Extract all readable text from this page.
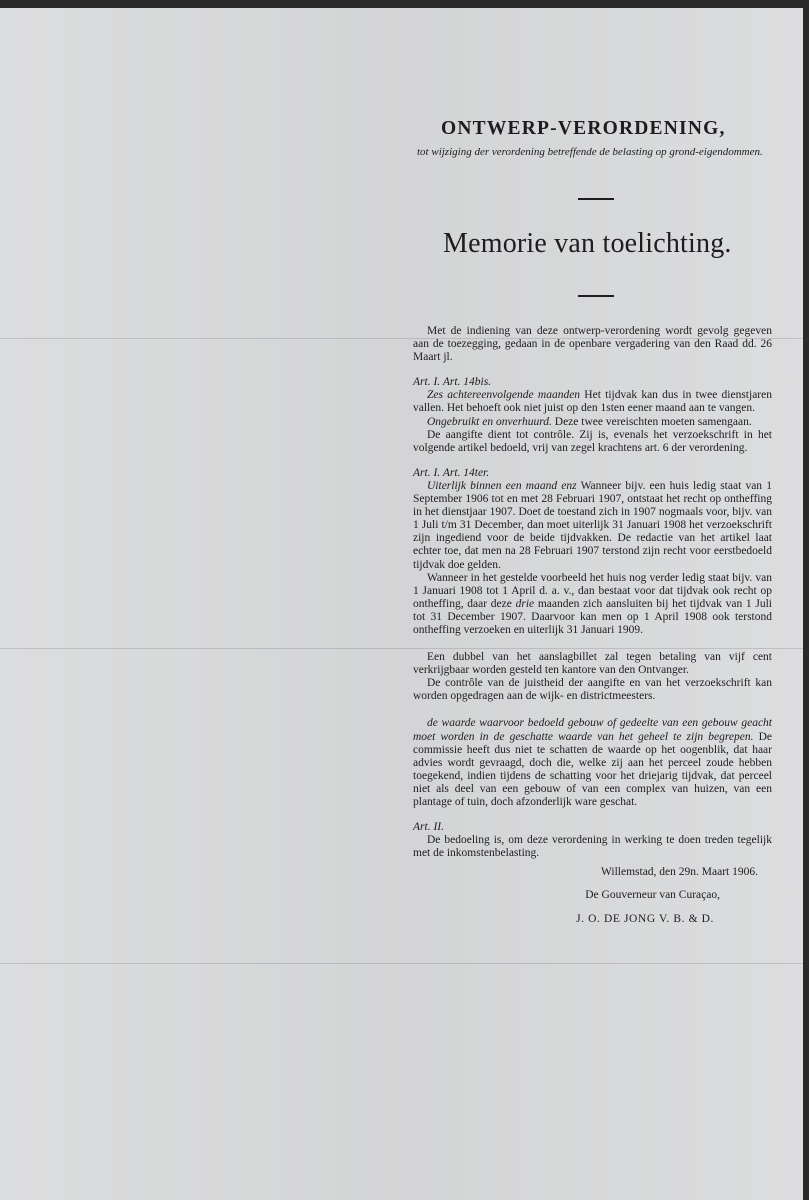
ONTWERP-VERORDENING,
tot wijziging der verordening betreffende de belasting op grond-eigendommen.
Memorie van toelichting.

Met de indiening van deze ontwerp-verordening wordt gevolg gegeven aan de toezegging, gedaan in de openbare vergadering van den Raad dd. 26 Maart jl.

Art. I. Art. 14bis.

Zes achtereenvolgende maanden Het tijdvak kan dus in twee dienstjaren vallen. Het behoeft ook niet juist op den 1sten eener maand aan te vangen.

Ongebruikt en onverhuurd. Deze twee vereischten moeten samengaan.

De aangifte dient tot contrôle. Zij is, evenals het verzoekschrift in het volgende artikel bedoeld, vrij van zegel krachtens art. 6 der verordening.

Art. I. Art. 14ter.

Uiterlijk binnen een maand enz Wanneer bijv. een huis ledig staat van 1 September 1906 tot en met 28 Februari 1907, ontstaat het recht op ontheffing in het dienstjaar 1907. Doet de toestand zich in 1907 nogmaals voor, bijv. van 1 Juli t/m 31 December, dan moet uiterlijk 31 Januari 1908 het verzoekschrift zijn ingediend voor de beide tijdvakken. De redactie van het artikel laat echter toe, dat men na 28 Februari 1907 terstond zijn recht voor eerstbedoeld tijdvak doe gelden.

Wanneer in het gestelde voorbeeld het huis nog verder ledig staat bijv. van 1 Januari 1908 tot 1 April d. a. v., dan bestaat voor dat tijdvak ook recht op ontheffing, daar deze drie maanden zich aansluiten bij het tijdvak van 1 Juli tot 31 December 1907. Daarvoor kan men op 1 April 1908 ook terstond ontheffing verzoeken en uiterlijk 31 Januari 1909.

Een dubbel van het aanslagbillet zal tegen betaling van vijf cent verkrijgbaar worden gesteld ten kantore van den Ontvanger.

De contrôle van de juistheid der aangifte en van het verzoekschrift kan worden opgedragen aan de wijk- en districtmeesters.

de waarde waarvoor bedoeld gebouw of gedeelte van een gebouw geacht moet worden in de geschatte waarde van het geheel te zijn begrepen. De commissie heeft dus niet te schatten de waarde op het oogenblik, dat haar advies wordt gevraagd, doch die, welke zij aan het perceel zoude hebben toegekend, indien tijdens de schatting voor het driejarig tijdvak, dat perceel niet als deel van een gebouw of van een complex van huizen, van een plantage of tuin, doch afzonderlijk ware geschat.

Art. II.

De bedoeling is, om deze verordening in werking te doen treden tegelijk met de inkomstenbelasting.

Willemstad, den 29n. Maart 1906.

De Gouverneur van Curaçao,

J. O. DE JONG V. B. & D.
